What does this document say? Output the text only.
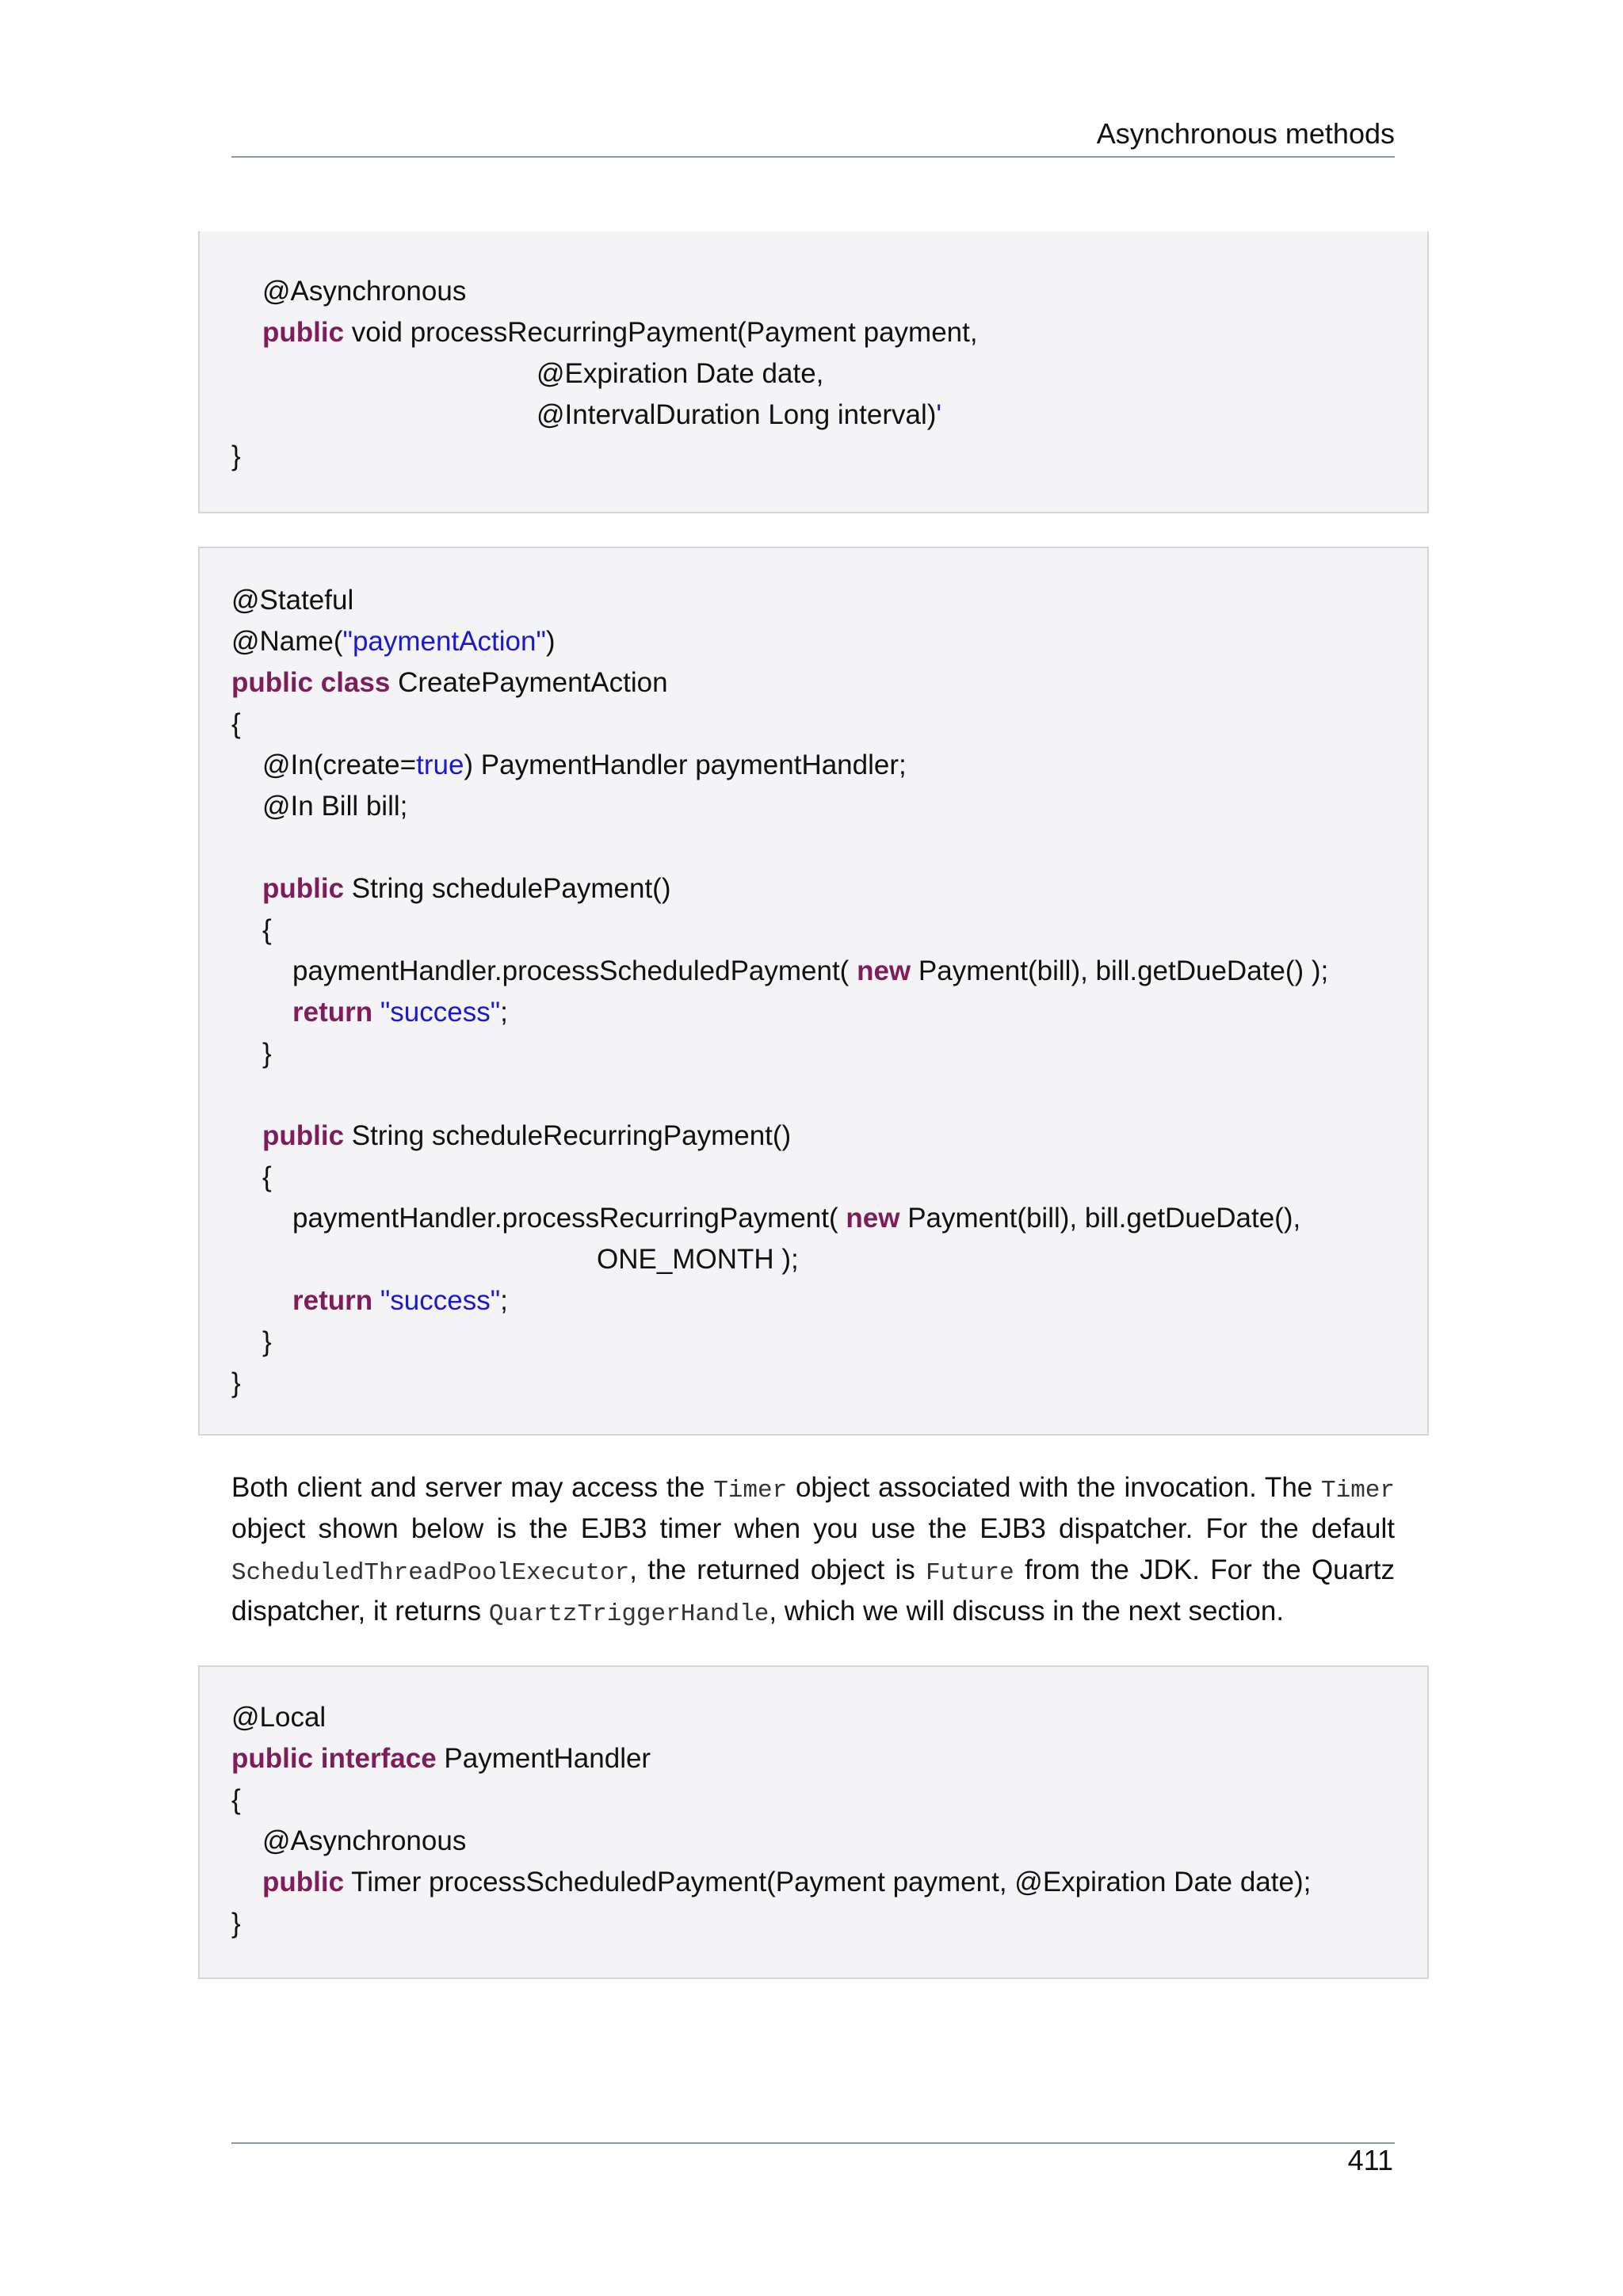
Asynchronous methods
@Asynchronous
public void processRecurringPayment(Payment payment,
@Expiration Date date,
@IntervalDuration Long interval)'
}
@Stateful
@Name("paymentAction")
public class CreatePaymentAction
{
@In(create=true) PaymentHandler paymentHandler;
@In Bill bill;
public String schedulePayment()
{
paymentHandler.processScheduledPayment( new Payment(bill), bill.getDueDate() );
return "success";
}
public String scheduleRecurringPayment()
{
paymentHandler.processRecurringPayment( new Payment(bill), bill.getDueDate(),
ONE_MONTH );
return "success";
}
}
Both client and server may access the Timer object associated with the invocation. The Timer
object shown below is the EJB3 timer when you use the EJB3 dispatcher. For the default
ScheduledThreadPoolExecutor, the returned object is Future from the JDK. For the Quartz
dispatcher, it returns QuartzTriggerHandle, which we will discuss in the next section.
@Local
public interface PaymentHandler
{
@Asynchronous
public Timer processScheduledPayment(Payment payment, @Expiration Date date);
}
411
